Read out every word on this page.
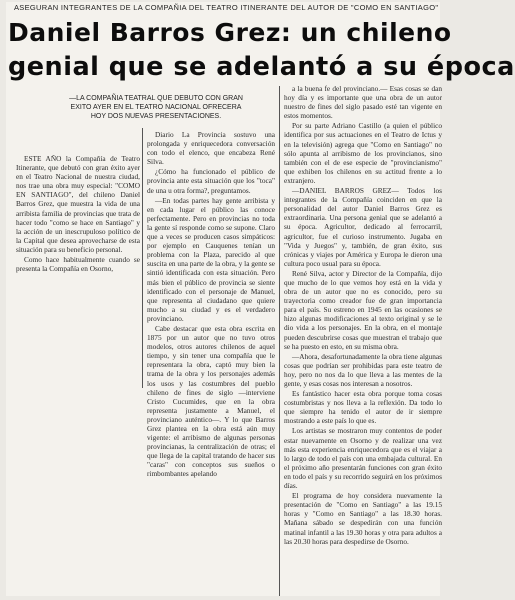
ASEGURAN INTEGRANTES DE LA COMPAÑIA DEL TEATRO ITINERANTE DEL AUTOR DE "COMO EN SANTIAGO"
Daniel Barros Grez: un chileno
genial que se adelantó a su época
—LA COMPAÑIA TEATRAL QUE DEBUTO CON GRAN
EXITO AYER EN EL TEATRO NACIONAL OFRECERA
HOY DOS NUEVAS PRESENTACIONES.

ESTE AÑO la Compañía de Teatro Itinerante, que debutó con gran éxito ayer en el Teatro Nacional de nuestra ciudad, nos trae una obra muy especial: "COMO EN SANTIAGO", del chileno Daniel Barros Grez, que muestra la vida de una arribista familia de provincias que trata de hacer todo "como se hace en Santiago" y la acción de un inescrupuloso político de la Capital que desea aprovecharse de esta situación para su beneficio personal.

Como hace habitualmente cuando se presenta la Compañía en Osorno,

Diario La Provincia sostuvo una prolongada y enriquecedora conversación con todo el elenco, que encabeza René Silva.

¿Cómo ha funcionado el público de provincia ante esta situación que los "toca" de una u otra forma?, preguntamos.

—En todas partes hay gente arribista y en cada lugar el público las conoce perfectamente. Pero en provincias no toda la gente sí responde como se supone. Claro que a veces se producen casos simpáticos: por ejemplo en Cauquenes tenían un problema con la Plaza, parecido al que suscita en una parte de la obra, y la gente se sintió identificada con esta situación. Pero más bien el público de provincia se siente identificado con el personaje de Manuel, que representa al ciudadano que quiere mucho a su ciudad y es el verdadero provinciano.

Cabe destacar que esta obra escrita en 1875 por un autor que no tuvo otros modelos, otros autores chilenos de aquel tiempo, y sin tener una compañía que le representara la obra, captó muy bien la trama de la obra y los personajes además los usos y las costumbres del pueblo chileno de fines de siglo —interviene Cristo Cucumides, que en la obra representa justamente a Manuel, el provinciano auténtico—. Y lo que Barros Grez plantea en la obra está aún muy vigente: el arribismo de algunas personas provincianas, la centralización de otras; el que llega de la capital tratando de hacer sus "caras" con conceptos sus sueños o rimbombantes apelando

a la buena fe del provinciano.— Esas cosas se dan hoy día y es importante que una obra de un autor nuestro de fines del siglo pasado esté tan vigente en estos momentos.

Por su parte Adriano Castillo (a quien el público identifica por sus actuaciones en el Teatro de Ictus y en la televisión) agrega que "Como en Santiago" no sólo apunta al arribismo de los provincianos, sino también con el de ese especie de "provincianismo" que exhiben los chilenos en su actitud frente a lo extranjero.

—DANIEL BARROS GREZ— Todos los integrantes de la Compañía coinciden en que la personalidad del autor Daniel Barros Grez es extraordinaria. Una persona genial que se adelantó a su época. Agricultor, dedicado al ferrocarril, agricultor, fue el curioso instrumento. Jugaba en "Vida y Juegos" y, también, de gran éxito, sus crónicas y viajes por América y Europa le dieron una cultura poco usual para su época.

René Silva, actor y Director de la Compañía, dijo que mucho de lo que vemos hoy está en la vida y obra de un autor que no es conocido, pero su trayectoria como creador fue de gran importancia para el país. Su estreno en 1945 en las ocasiones se hizo algunas modificaciones al texto original y se le dio vida a los personajes. En la obra, en el montaje pueden descubrirse cosas que muestran el trabajo que se ha puesto en esto, en su misma obra.

—Ahora, desafortunadamente la obra tiene algunas cosas que podrían ser prohibidas para este teatro de hoy, pero no nos da lo que lleva a las mentes de la gente, y esas cosas nos interesan a nosotros.

Es fantástico hacer esta obra porque toma cosas costumbristas y nos lleva a la reflexión. Da todo lo que siempre ha tenido el autor de ir siempre mostrando a este país lo que es.

Los artistas se mostraron muy contentos de poder estar nuevamente en Osorno y de realizar una vez más esta experiencia enriquecedora que es el viajar a lo largo de todo el país con una embajada cultural. En el próximo año presentarán funciones con gran éxito en todo el país y su recorrido seguirá en los próximos días.

El programa de hoy considera nuevamente la presentación de "Como en Santiago" a las 19.15 horas y "Como en Santiago" a las 18.30 horas. Mañana sábado se despedirán con una función matinal infantil a las 19.30 horas y otra para adultos a las 20.30 horas para despedirse de Osorno.
